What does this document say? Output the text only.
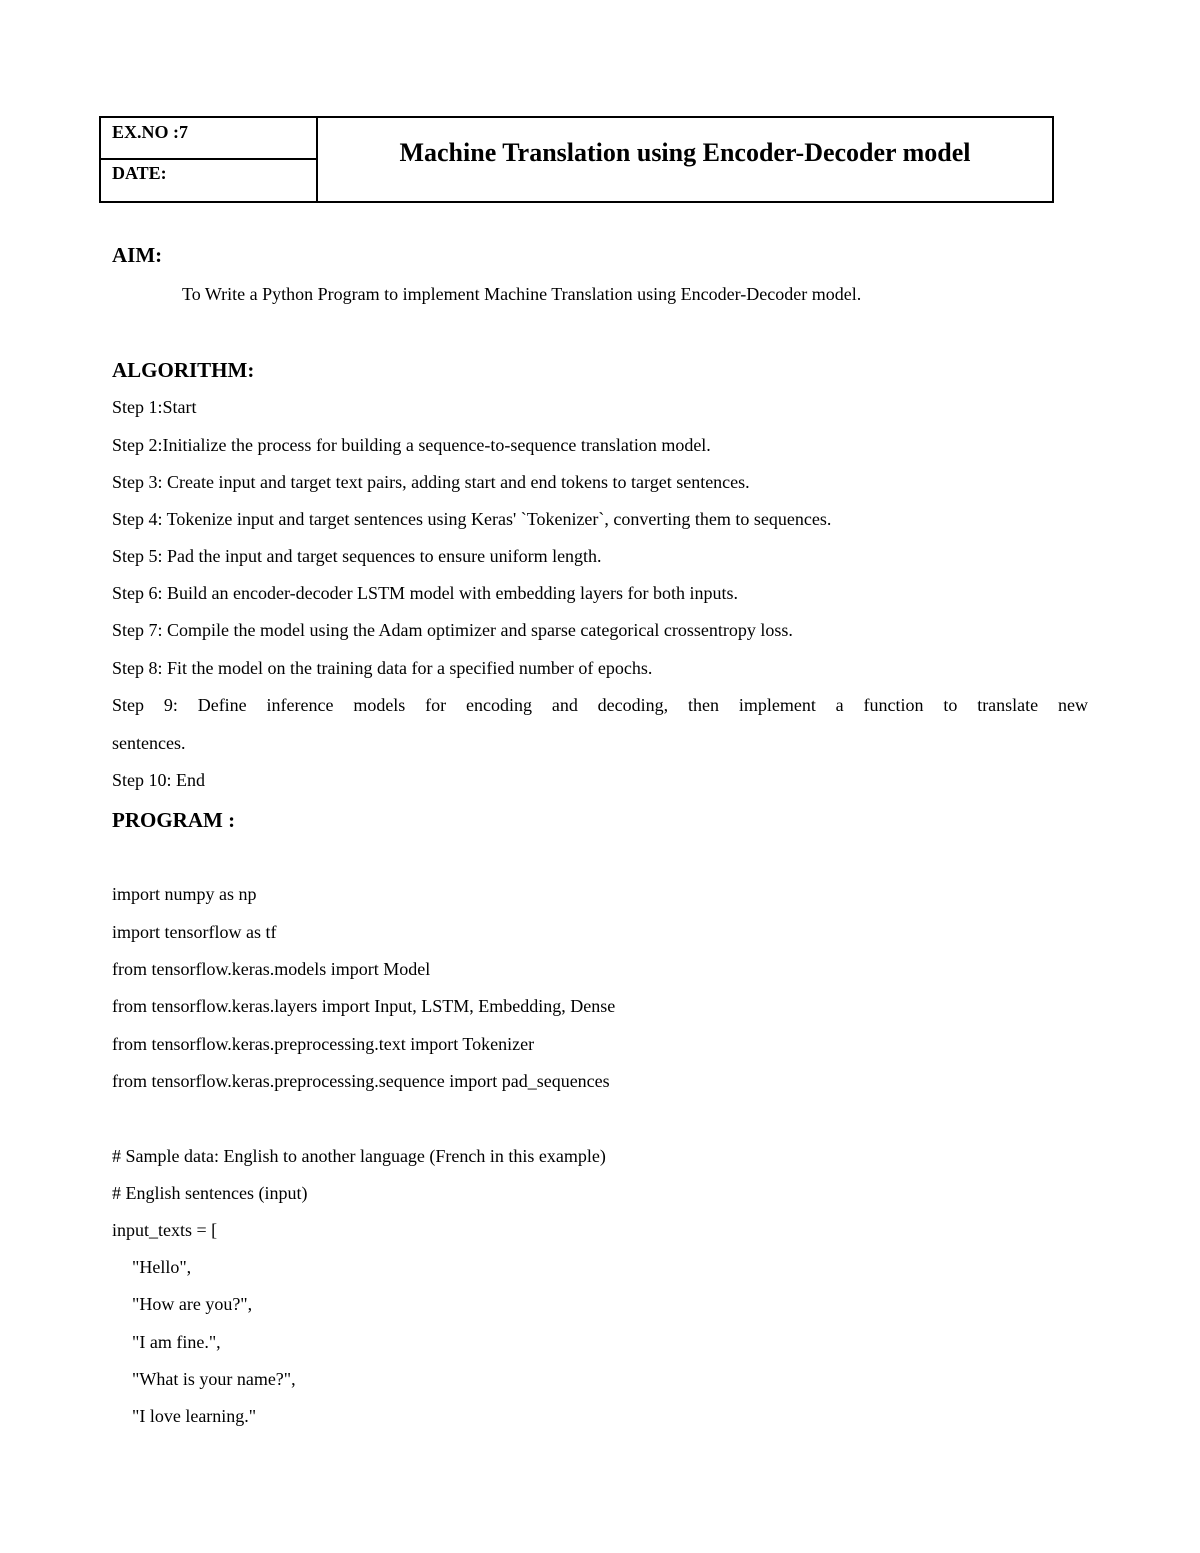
EX.NO :7
DATE:
Machine Translation using Encoder-Decoder model
AIM:
To Write a Python Program to implement Machine Translation using Encoder-Decoder model.
ALGORITHM:
Step 1:Start
Step 2:Initialize the process for building a sequence-to-sequence translation model.
Step 3: Create input and target text pairs, adding start and end tokens to target sentences.
Step 4: Tokenize input and target sentences using Keras' `Tokenizer`, converting them to sequences.
Step 5: Pad the input and target sequences to ensure uniform length.
Step 6: Build an encoder-decoder LSTM model with embedding layers for both inputs.
Step 7: Compile the model using the Adam optimizer and sparse categorical crossentropy loss.
Step 8: Fit the model on the training data for a specified number of epochs.
Step 9: Define inference models for encoding and decoding, then implement a function to translate new
sentences.
Step 10: End
PROGRAM :
import numpy as np
import tensorflow as tf
from tensorflow.keras.models import Model
from tensorflow.keras.layers import Input, LSTM, Embedding, Dense
from tensorflow.keras.preprocessing.text import Tokenizer
from tensorflow.keras.preprocessing.sequence import pad_sequences
# Sample data: English to another language (French in this example)
# English sentences (input)
input_texts = [
"Hello",
"How are you?",
"I am fine.",
"What is your name?",
"I love learning."
